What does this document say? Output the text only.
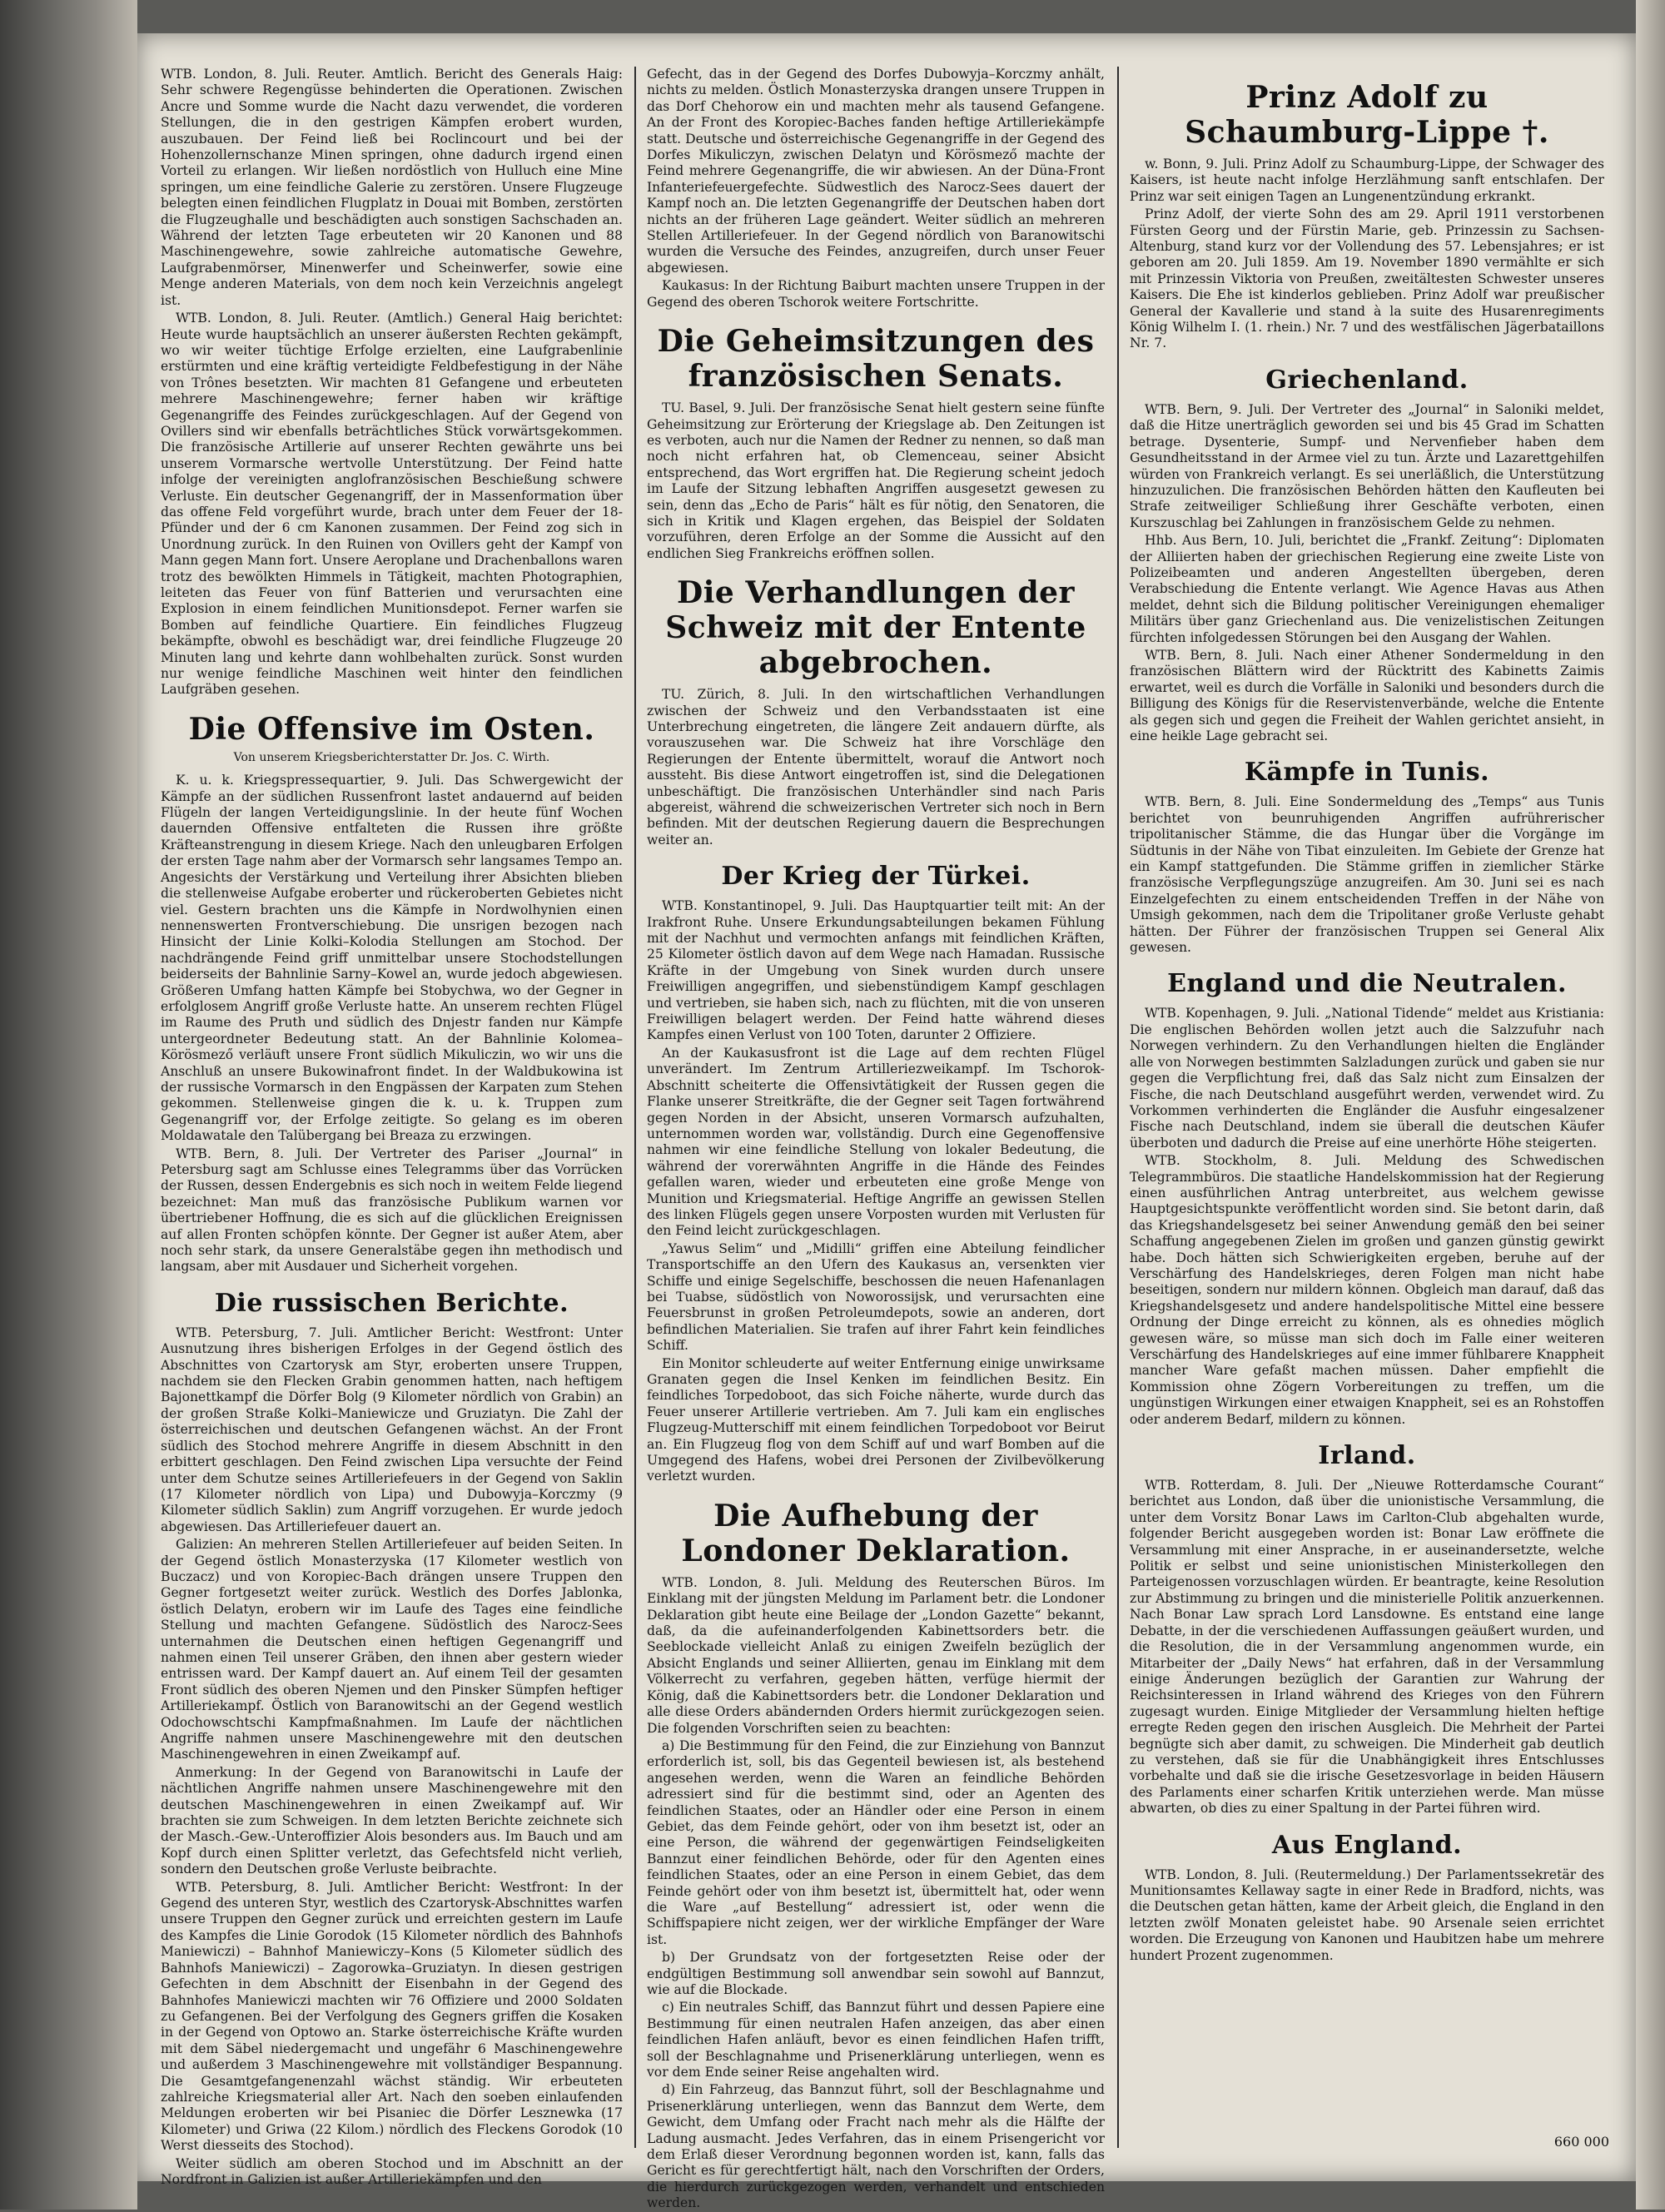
WTB. London, 8. Juli. Reuter. Amtlich. Bericht des Generals Haig: Sehr schwere Regengüsse behinderten die Operationen. Zwischen Ancre und Somme wurde die Nacht dazu verwendet, die vorderen Stellungen, die in den gestrigen Kämpfen erobert wurden, auszubauen. Der Feind ließ bei Roclincourt und bei der Hohenzollernschanze Minen springen, ohne dadurch irgend einen Vorteil zu erlangen. Wir ließen nordöstlich von Hulluch eine Mine springen, um eine feindliche Galerie zu zerstören. Unsere Flugzeuge belegten einen feindlichen Flugplatz in Douai mit Bomben, zerstörten die Flugzeughalle und beschädigten auch sonstigen Sachschaden an. Während der letzten Tage erbeuteten wir 20 Kanonen und 88 Maschinengewehre, sowie zahlreiche automatische Gewehre, Laufgrabenmörser, Minenwerfer und Scheinwerfer, sowie eine Menge anderen Materials, von dem noch kein Verzeichnis angelegt ist.

WTB. London, 8. Juli. Reuter. (Amtlich.) General Haig berichtet: Heute wurde hauptsächlich an unserer äußersten Rechten gekämpft, wo wir weiter tüchtige Erfolge erzielten, eine Laufgrabenlinie erstürmten und eine kräftig verteidigte Feldbefestigung in der Nähe von Trônes besetzten. Wir machten 81 Gefangene und erbeuteten mehrere Maschinengewehre; ferner haben wir kräftige Gegenangriffe des Feindes zurückgeschlagen. Auf der Gegend von Ovillers sind wir ebenfalls beträchtliches Stück vorwärtsgekommen. Die französische Artillerie auf unserer Rechten gewährte uns bei unserem Vormarsche wertvolle Unterstützung. Der Feind hatte infolge der vereinigten anglofranzösischen Beschießung schwere Verluste. Ein deutscher Gegenangriff, der in Massenformation über das offene Feld vorgeführt wurde, brach unter dem Feuer der 18-Pfünder und der 6 cm Kanonen zusammen. Der Feind zog sich in Unordnung zurück. In den Ruinen von Ovillers geht der Kampf von Mann gegen Mann fort. Unsere Aeroplane und Drachenballons waren trotz des bewölkten Himmels in Tätigkeit, machten Photographien, leiteten das Feuer von fünf Batterien und verursachten eine Explosion in einem feindlichen Munitionsdepot. Ferner warfen sie Bomben auf feindliche Quartiere. Ein feindliches Flugzeug bekämpfte, obwohl es beschädigt war, drei feindliche Flugzeuge 20 Minuten lang und kehrte dann wohlbehalten zurück. Sonst wurden nur wenige feindliche Maschinen weit hinter den feindlichen Laufgräben gesehen.

Die Offensive im Osten.
Von unserem Kriegsberichterstatter Dr. Jos. C. Wirth.

K. u. k. Kriegspressequartier, 9. Juli. Das Schwergewicht der Kämpfe an der südlichen Russenfront lastet andauernd auf beiden Flügeln der langen Verteidigungslinie. In der heute fünf Wochen dauernden Offensive entfalteten die Russen ihre größte Kräfteanstrengung in diesem Kriege. Nach den unleugbaren Erfolgen der ersten Tage nahm aber der Vormarsch sehr langsames Tempo an. Angesichts der Verstärkung und Verteilung ihrer Absichten blieben die stellenweise Aufgabe eroberter und rückeroberten Gebietes nicht viel. Gestern brachten uns die Kämpfe in Nordwolhynien einen nennenswerten Frontverschiebung. Die unsrigen bezogen nach Hinsicht der Linie Kolki–Kolodia Stellungen am Stochod. Der nachdrängende Feind griff unmittelbar unsere Stochodstellungen beiderseits der Bahnlinie Sarny–Kowel an, wurde jedoch abgewiesen. Größeren Umfang hatten Kämpfe bei Stobychwa, wo der Gegner in erfolglosem Angriff große Verluste hatte. An unserem rechten Flügel im Raume des Pruth und südlich des Dnjestr fanden nur Kämpfe untergeordneter Bedeutung statt. An der Bahnlinie Kolomea–Körösmező verläuft unsere Front südlich Mikuliczin, wo wir uns die Anschluß an unsere Bukowinafront findet. In der Waldbukowina ist der russische Vormarsch in den Engpässen der Karpaten zum Stehen gekommen. Stellenweise gingen die k. u. k. Truppen zum Gegenangriff vor, der Erfolge zeitigte. So gelang es im oberen Moldawatale den Talübergang bei Breaza zu erzwingen.

WTB. Bern, 8. Juli. Der Vertreter des Pariser „Journal“ in Petersburg sagt am Schlusse eines Telegramms über das Vorrücken der Russen, dessen Endergebnis es sich noch in weitem Felde liegend bezeichnet: Man muß das französische Publikum warnen vor übertriebener Hoffnung, die es sich auf die glücklichen Ereignissen auf allen Fronten schöpfen könnte. Der Gegner ist außer Atem, aber noch sehr stark, da unsere Generalstäbe gegen ihn methodisch und langsam, aber mit Ausdauer und Sicherheit vorgehen.

Die russischen Berichte.

WTB. Petersburg, 7. Juli. Amtlicher Bericht: Westfront: Unter Ausnutzung ihres bisherigen Erfolges in der Gegend östlich des Abschnittes von Czartorysk am Styr, eroberten unsere Truppen, nachdem sie den Flecken Grabin genommen hatten, nach heftigem Bajonettkampf die Dörfer Bolg (9 Kilometer nördlich von Grabin) an der großen Straße Kolki–Maniewicze und Gruziatyn. Die Zahl der österreichischen und deutschen Gefangenen wächst. An der Front südlich des Stochod mehrere Angriffe in diesem Abschnitt in den erbittert geschlagen. Den Feind zwischen Lipa versuchte der Feind unter dem Schutze seines Artilleriefeuers in der Gegend von Saklin (17 Kilometer nördlich von Lipa) und Dubowyja–Korczmy (9 Kilometer südlich Saklin) zum Angriff vorzugehen. Er wurde jedoch abgewiesen. Das Artilleriefeuer dauert an.

Galizien: An mehreren Stellen Artilleriefeuer auf beiden Seiten. In der Gegend östlich Monasterzyska (17 Kilometer westlich von Buczacz) und von Koropiec-Bach drängen unsere Truppen den Gegner fortgesetzt weiter zurück. Westlich des Dorfes Jablonka, östlich Delatyn, erobern wir im Laufe des Tages eine feindliche Stellung und machten Gefangene. Südöstlich des Narocz-Sees unternahmen die Deutschen einen heftigen Gegenangriff und nahmen einen Teil unserer Gräben, den ihnen aber gestern wieder entrissen ward. Der Kampf dauert an. Auf einem Teil der gesamten Front südlich des oberen Njemen und den Pinsker Sümpfen heftiger Artilleriekampf. Östlich von Baranowitschi an der Gegend westlich Odochowschtschi Kampfmaßnahmen. Im Laufe der nächtlichen Angriffe nahmen unsere Maschinengewehre mit den deutschen Maschinengewehren in einen Zweikampf auf.

Anmerkung: In der Gegend von Baranowitschi in Laufe der nächtlichen Angriffe nahmen unsere Maschinengewehre mit den deutschen Maschinengewehren in einen Zweikampf auf. Wir brachten sie zum Schweigen. In dem letzten Berichte zeichnete sich der Masch.-Gew.-Unteroffizier Alois besonders aus. Im Bauch und am Kopf durch einen Splitter verletzt, das Gefechtsfeld nicht verlieh, sondern den Deutschen große Verluste beibrachte.

WTB. Petersburg, 8. Juli. Amtlicher Bericht: Westfront: In der Gegend des unteren Styr, westlich des Czartorysk-Abschnittes warfen unsere Truppen den Gegner zurück und erreichten gestern im Laufe des Kampfes die Linie Gorodok (15 Kilometer nördlich des Bahnhofs Maniewiczi) – Bahnhof Maniewiczy–Kons (5 Kilometer südlich des Bahnhofs Maniewiczi) – Zagorowka–Gruziatyn. In diesen gestrigen Gefechten in dem Abschnitt der Eisenbahn in der Gegend des Bahnhofes Maniewiczi machten wir 76 Offiziere und 2000 Soldaten zu Gefangenen. Bei der Verfolgung des Gegners griffen die Kosaken in der Gegend von Optowo an. Starke österreichische Kräfte wurden mit dem Säbel niedergemacht und ungefähr 6 Maschinengewehre und außerdem 3 Maschinengewehre mit vollständiger Bespannung. Die Gesamtgefangenenzahl wächst ständig. Wir erbeuteten zahlreiche Kriegsmaterial aller Art. Nach den soeben einlaufenden Meldungen eroberten wir bei Pisaniec die Dörfer Lesznewka (17 Kilometer) und Griwa (22 Kilom.) nördlich des Fleckens Gorodok (10 Werst diesseits des Stochod).

Weiter südlich am oberen Stochod und im Abschnitt an der Nordfront in Galizien ist außer Artilleriekämpfen und den

Gefecht, das in der Gegend des Dorfes Dubowyja–Korczmy anhält, nichts zu melden. Östlich Monasterzyska drangen unsere Truppen in das Dorf Chehorow ein und machten mehr als tausend Gefangene. An der Front des Koropiec-Baches fanden heftige Artilleriekämpfe statt. Deutsche und österreichische Gegenangriffe in der Gegend des Dorfes Mikuliczyn, zwischen Delatyn und Körösmező machte der Feind mehrere Gegenangriffe, die wir abwiesen. An der Düna-Front Infanteriefeuergefechte. Südwestlich des Narocz-Sees dauert der Kampf noch an. Die letzten Gegenangriffe der Deutschen haben dort nichts an der früheren Lage geändert. Weiter südlich an mehreren Stellen Artilleriefeuer. In der Gegend nördlich von Baranowitschi wurden die Versuche des Feindes, anzugreifen, durch unser Feuer abgewiesen.

Kaukasus: In der Richtung Baiburt machten unsere Truppen in der Gegend des oberen Tschorok weitere Fortschritte.

Die Geheimsitzungen des französischen Senats.

TU. Basel, 9. Juli. Der französische Senat hielt gestern seine fünfte Geheimsitzung zur Erörterung der Kriegslage ab. Den Zeitungen ist es verboten, auch nur die Namen der Redner zu nennen, so daß man noch nicht erfahren hat, ob Clemenceau, seiner Absicht entsprechend, das Wort ergriffen hat. Die Regierung scheint jedoch im Laufe der Sitzung lebhaften Angriffen ausgesetzt gewesen zu sein, denn das „Echo de Paris“ hält es für nötig, den Senatoren, die sich in Kritik und Klagen ergehen, das Beispiel der Soldaten vorzuführen, deren Erfolge an der Somme die Aussicht auf den endlichen Sieg Frankreichs eröffnen sollen.

Die Verhandlungen der Schweiz mit der Entente abgebrochen.

TU. Zürich, 8. Juli. In den wirtschaftlichen Verhandlungen zwischen der Schweiz und den Verbandsstaaten ist eine Unterbrechung eingetreten, die längere Zeit andauern dürfte, als vorauszusehen war. Die Schweiz hat ihre Vorschläge den Regierungen der Entente übermittelt, worauf die Antwort noch aussteht. Bis diese Antwort eingetroffen ist, sind die Delegationen unbeschäftigt. Die französischen Unterhändler sind nach Paris abgereist, während die schweizerischen Vertreter sich noch in Bern befinden. Mit der deutschen Regierung dauern die Besprechungen weiter an.

Der Krieg der Türkei.

WTB. Konstantinopel, 9. Juli. Das Hauptquartier teilt mit: An der Irakfront Ruhe. Unsere Erkundungsabteilungen bekamen Fühlung mit der Nachhut und vermochten anfangs mit feindlichen Kräften, 25 Kilometer östlich davon auf dem Wege nach Hamadan. Russische Kräfte in der Umgebung von Sinek wurden durch unsere Freiwilligen angegriffen, und siebenstündigem Kampf geschlagen und vertrieben, sie haben sich, nach zu flüchten, mit die von unseren Freiwilligen belagert werden. Der Feind hatte während dieses Kampfes einen Verlust von 100 Toten, darunter 2 Offiziere.

An der Kaukasusfront ist die Lage auf dem rechten Flügel unverändert. Im Zentrum Artilleriezweikampf. Im Tschorok-Abschnitt scheiterte die Offensivtätigkeit der Russen gegen die Flanke unserer Streitkräfte, die der Gegner seit Tagen fortwährend gegen Norden in der Absicht, unseren Vormarsch aufzuhalten, unternommen worden war, vollständig. Durch eine Gegenoffensive nahmen wir eine feindliche Stellung von lokaler Bedeutung, die während der vorerwähnten Angriffe in die Hände des Feindes gefallen waren, wieder und erbeuteten eine große Menge von Munition und Kriegsmaterial. Heftige Angriffe an gewissen Stellen des linken Flügels gegen unsere Vorposten wurden mit Verlusten für den Feind leicht zurückgeschlagen.

„Yawus Selim“ und „Midilli“ griffen eine Abteilung feindlicher Transportschiffe an den Ufern des Kaukasus an, versenkten vier Schiffe und einige Segelschiffe, beschossen die neuen Hafenanlagen bei Tuabse, südöstlich von Noworossijsk, und verursachten eine Feuersbrunst in großen Petroleumdepots, sowie an anderen, dort befindlichen Materialien. Sie trafen auf ihrer Fahrt kein feindliches Schiff.

Ein Monitor schleuderte auf weiter Entfernung einige unwirksame Granaten gegen die Insel Kenken im feindlichen Besitz. Ein feindliches Torpedoboot, das sich Foiche näherte, wurde durch das Feuer unserer Artillerie vertrieben. Am 7. Juli kam ein englisches Flugzeug-Mutterschiff mit einem feindlichen Torpedoboot vor Beirut an. Ein Flugzeug flog von dem Schiff auf und warf Bomben auf die Umgegend des Hafens, wobei drei Personen der Zivilbevölkerung verletzt wurden.

Die Aufhebung der Londoner Deklaration.

WTB. London, 8. Juli. Meldung des Reuterschen Büros. Im Einklang mit der jüngsten Meldung im Parlament betr. die Londoner Deklaration gibt heute eine Beilage der „London Gazette“ bekannt, daß, da die aufeinanderfolgenden Kabinettsorders betr. die Seeblockade vielleicht Anlaß zu einigen Zweifeln bezüglich der Absicht Englands und seiner Alliierten, genau im Einklang mit dem Völkerrecht zu verfahren, gegeben hätten, verfüge hiermit der König, daß die Kabinettsorders betr. die Londoner Deklaration und alle diese Orders abändernden Orders hiermit zurückgezogen seien. Die folgenden Vorschriften seien zu beachten:

a) Die Bestimmung für den Feind, die zur Einziehung von Bannzut erforderlich ist, soll, bis das Gegenteil bewiesen ist, als bestehend angesehen werden, wenn die Waren an feindliche Behörden adressiert sind für die bestimmt sind, oder an Agenten des feindlichen Staates, oder an Händler oder eine Person in einem Gebiet, das dem Feinde gehört, oder von ihm besetzt ist, oder an eine Person, die während der gegenwärtigen Feindseligkeiten Bannzut einer feindlichen Behörde, oder für den Agenten eines feindlichen Staates, oder an eine Person in einem Gebiet, das dem Feinde gehört oder von ihm besetzt ist, übermittelt hat, oder wenn die Ware „auf Bestellung“ adressiert ist, oder wenn die Schiffspapiere nicht zeigen, wer der wirkliche Empfänger der Ware ist.

b) Der Grundsatz von der fortgesetzten Reise oder der endgültigen Bestimmung soll anwendbar sein sowohl auf Bannzut, wie auf die Blockade.

c) Ein neutrales Schiff, das Bannzut führt und dessen Papiere eine Bestimmung für einen neutralen Hafen anzeigen, das aber einen feindlichen Hafen anläuft, bevor es einen feindlichen Hafen trifft, soll der Beschlagnahme und Prisenerklärung unterliegen, wenn es vor dem Ende seiner Reise angehalten wird.

d) Ein Fahrzeug, das Bannzut führt, soll der Beschlagnahme und Prisenerklärung unterliegen, wenn das Bannzut dem Werte, dem Gewicht, dem Umfang oder Fracht nach mehr als die Hälfte der Ladung ausmacht. Jedes Verfahren, das in einem Prisengericht vor dem Erlaß dieser Verordnung begonnen worden ist, kann, falls das Gericht es für gerechtfertigt hält, nach den Vorschriften der Orders, die hierdurch zurückgezogen werden, verhandelt und entschieden werden.

Prinz Adolf zu Schaumburg-Lippe †.

w. Bonn, 9. Juli. Prinz Adolf zu Schaumburg-Lippe, der Schwager des Kaisers, ist heute nacht infolge Herzlähmung sanft entschlafen. Der Prinz war seit einigen Tagen an Lungenentzündung erkrankt.

Prinz Adolf, der vierte Sohn des am 29. April 1911 verstorbenen Fürsten Georg und der Fürstin Marie, geb. Prinzessin zu Sachsen-Altenburg, stand kurz vor der Vollendung des 57. Lebensjahres; er ist geboren am 20. Juli 1859. Am 19. November 1890 vermählte er sich mit Prinzessin Viktoria von Preußen, zweitältesten Schwester unseres Kaisers. Die Ehe ist kinderlos geblieben. Prinz Adolf war preußischer General der Kavallerie und stand à la suite des Husarenregiments König Wilhelm I. (1. rhein.) Nr. 7 und des westfälischen Jägerbataillons Nr. 7.

Griechenland.

WTB. Bern, 9. Juli. Der Vertreter des „Journal“ in Saloniki meldet, daß die Hitze unerträglich geworden sei und bis 45 Grad im Schatten betrage. Dysenterie, Sumpf- und Nervenfieber haben dem Gesundheitsstand in der Armee viel zu tun. Ärzte und Lazarettgehilfen würden von Frankreich verlangt. Es sei unerläßlich, die Unterstützung hinzuzulichen. Die französischen Behörden hätten den Kaufleuten bei Strafe zeitweiliger Schließung ihrer Geschäfte verboten, einen Kurszuschlag bei Zahlungen in französischem Gelde zu nehmen.

Hhb. Aus Bern, 10. Juli, berichtet die „Frankf. Zeitung“: Diplomaten der Alliierten haben der griechischen Regierung eine zweite Liste von Polizeibeamten und anderen Angestellten übergeben, deren Verabschiedung die Entente verlangt. Wie Agence Havas aus Athen meldet, dehnt sich die Bildung politischer Vereinigungen ehemaliger Militärs über ganz Griechenland aus. Die venizelistischen Zeitungen fürchten infolgedessen Störungen bei den Ausgang der Wahlen.

WTB. Bern, 8. Juli. Nach einer Athener Sondermeldung in den französischen Blättern wird der Rücktritt des Kabinetts Zaimis erwartet, weil es durch die Vorfälle in Saloniki und besonders durch die Billigung des Königs für die Reservistenverbände, welche die Entente als gegen sich und gegen die Freiheit der Wahlen gerichtet ansieht, in eine heikle Lage gebracht sei.

Kämpfe in Tunis.

WTB. Bern, 8. Juli. Eine Sondermeldung des „Temps“ aus Tunis berichtet von beunruhigenden Angriffen aufrührerischer tripolitanischer Stämme, die das Hungar über die Vorgänge im Südtunis in der Nähe von Tibat einzuleiten. Im Gebiete der Grenze hat ein Kampf stattgefunden. Die Stämme griffen in ziemlicher Stärke französische Verpflegungszüge anzugreifen. Am 30. Juni sei es nach Einzelgefechten zu einem entscheidenden Treffen in der Nähe von Umsigh gekommen, nach dem die Tripolitaner große Verluste gehabt hätten. Der Führer der französischen Truppen sei General Alix gewesen.

England und die Neutralen.

WTB. Kopenhagen, 9. Juli. „National Tidende“ meldet aus Kristiania: Die englischen Behörden wollen jetzt auch die Salzzufuhr nach Norwegen verhindern. Zu den Verhandlungen hielten die Engländer alle von Norwegen bestimmten Salzladungen zurück und gaben sie nur gegen die Verpflichtung frei, daß das Salz nicht zum Einsalzen der Fische, die nach Deutschland ausgeführt werden, verwendet wird. Zu Vorkommen verhinderten die Engländer die Ausfuhr eingesalzener Fische nach Deutschland, indem sie überall die deutschen Käufer überboten und dadurch die Preise auf eine unerhörte Höhe steigerten.

WTB. Stockholm, 8. Juli. Meldung des Schwedischen Telegrammbüros. Die staatliche Handelskommission hat der Regierung einen ausführlichen Antrag unterbreitet, aus welchem gewisse Hauptgesichtspunkte veröffentlicht worden sind. Sie betont darin, daß das Kriegshandelsgesetz bei seiner Anwendung gemäß den bei seiner Schaffung angegebenen Zielen im großen und ganzen günstig gewirkt habe. Doch hätten sich Schwierigkeiten ergeben, beruhe auf der Verschärfung des Handelskrieges, deren Folgen man nicht habe beseitigen, sondern nur mildern können. Obgleich man darauf, daß das Kriegshandelsgesetz und andere handelspolitische Mittel eine bessere Ordnung der Dinge erreicht zu können, als es ohnedies möglich gewesen wäre, so müsse man sich doch im Falle einer weiteren Verschärfung des Handelskrieges auf eine immer fühlbarere Knappheit mancher Ware gefaßt machen müssen. Daher empfiehlt die Kommission ohne Zögern Vorbereitungen zu treffen, um die ungünstigen Wirkungen einer etwaigen Knappheit, sei es an Rohstoffen oder anderem Bedarf, mildern zu können.

Irland.

WTB. Rotterdam, 8. Juli. Der „Nieuwe Rotterdamsche Courant“ berichtet aus London, daß über die unionistische Versammlung, die unter dem Vorsitz Bonar Laws im Carlton-Club abgehalten wurde, folgender Bericht ausgegeben worden ist: Bonar Law eröffnete die Versammlung mit einer Ansprache, in er auseinandersetzte, welche Politik er selbst und seine unionistischen Ministerkollegen den Parteigenossen vorzuschlagen würden. Er beantragte, keine Resolution zur Abstimmung zu bringen und die ministerielle Politik anzuerkennen. Nach Bonar Law sprach Lord Lansdowne. Es entstand eine lange Debatte, in der die verschiedenen Auffassungen geäußert wurden, und die Resolution, die in der Versammlung angenommen wurde, ein Mitarbeiter der „Daily News“ hat erfahren, daß in der Versammlung einige Änderungen bezüglich der Garantien zur Wahrung der Reichsinteressen in Irland während des Krieges von den Führern zugesagt wurden. Einige Mitglieder der Versammlung hielten heftige erregte Reden gegen den irischen Ausgleich. Die Mehrheit der Partei begnügte sich aber damit, zu schweigen. Die Minderheit gab deutlich zu verstehen, daß sie für die Unabhängigkeit ihres Entschlusses vorbehalte und daß sie die irische Gesetzesvorlage in beiden Häusern des Parlaments einer scharfen Kritik unterziehen werde. Man müsse abwarten, ob dies zu einer Spaltung in der Partei führen wird.

Aus England.

WTB. London, 8. Juli. (Reutermeldung.) Der Parlamentssekretär des Munitionsamtes Kellaway sagte in einer Rede in Bradford, nichts, was die Deutschen getan hätten, kame der Arbeit gleich, die England in den letzten zwölf Monaten geleistet habe. 90 Arsenale seien errichtet worden. Die Erzeugung von Kanonen und Haubitzen habe um mehrere hundert Prozent zugenommen.

660 000
